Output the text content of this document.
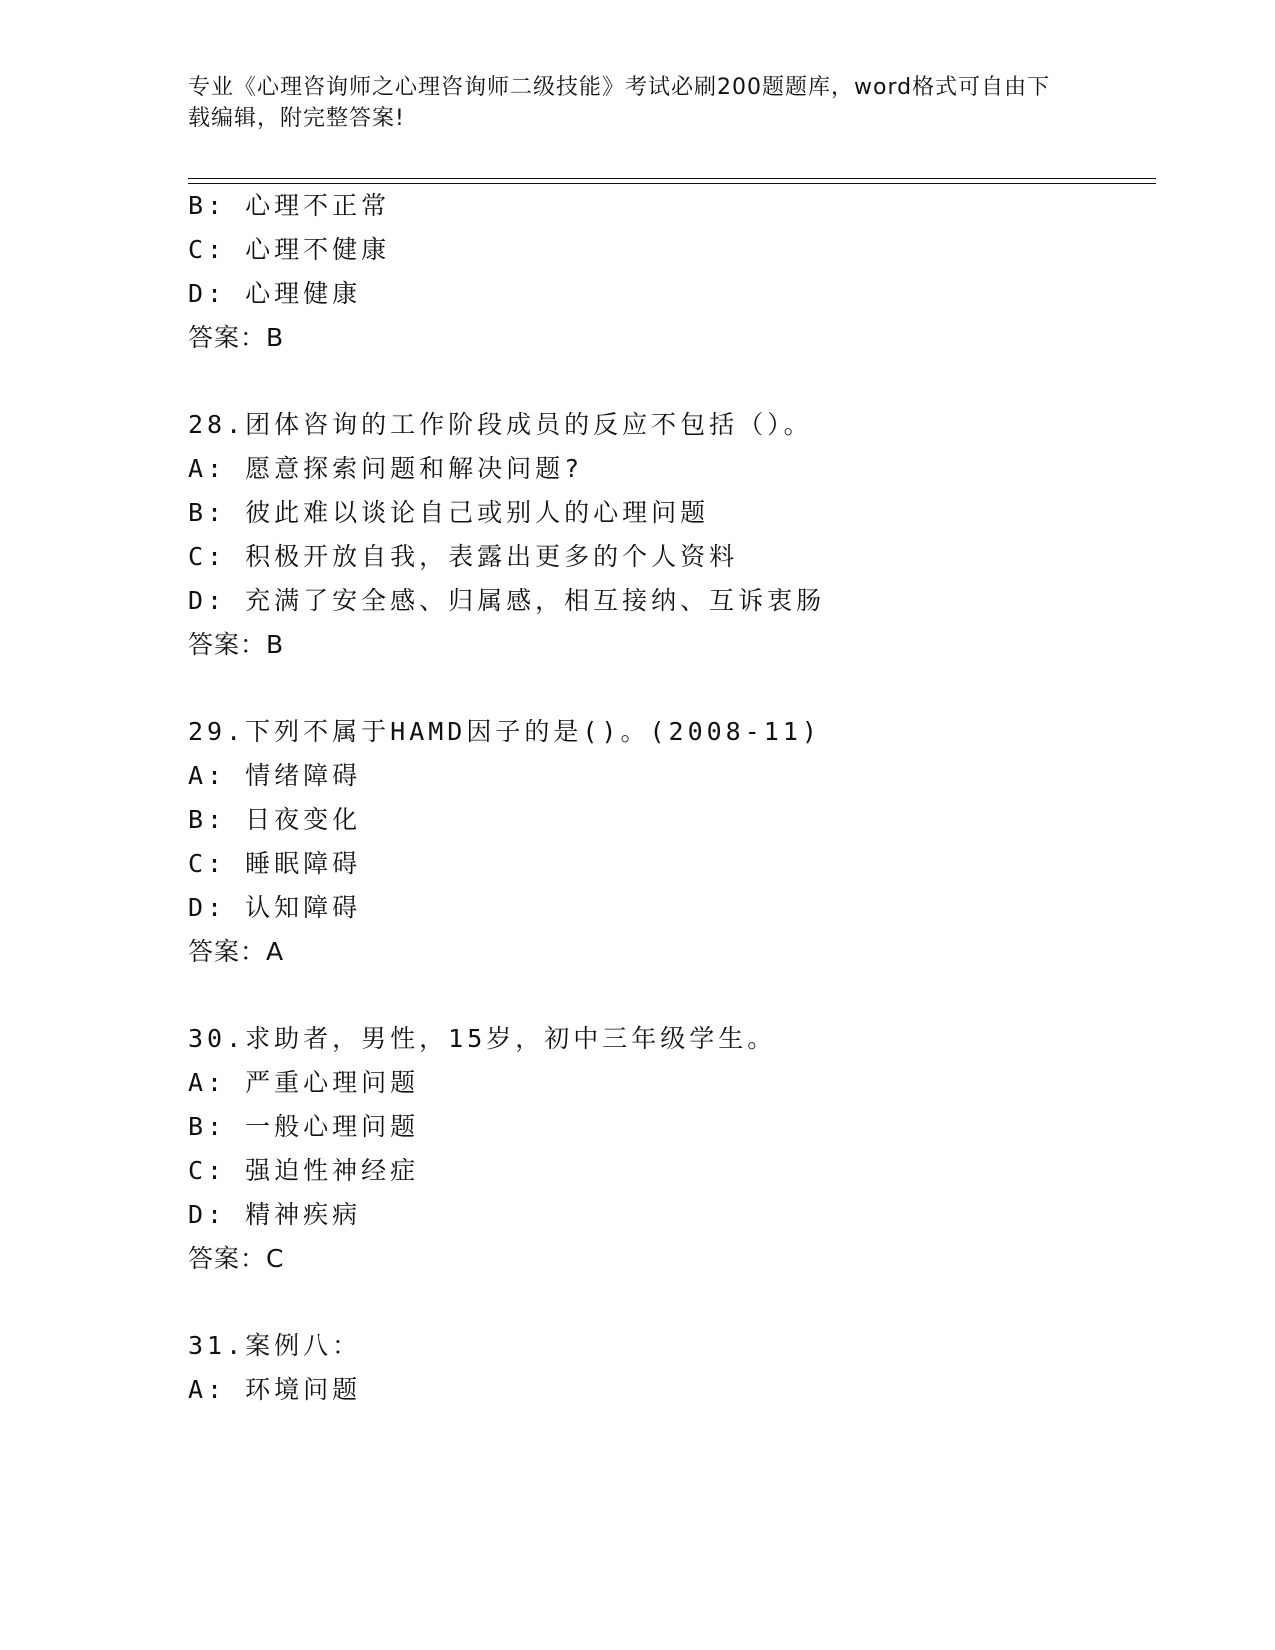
专业《心理咨询师之心理咨询师二级技能》考试必刷200题题库，word格式可自由下载编辑，附完整答案!
B: 心理不正常
C: 心理不健康
D: 心理健康
答案：B
28.团体咨询的工作阶段成员的反应不包括（）。
A: 愿意探索问题和解决问题?
B: 彼此难以谈论自己或别人的心理问题
C: 积极开放自我，表露出更多的个人资料
D: 充满了安全感、归属感，相互接纳、互诉衷肠
答案：B
29.下列不属于HAMD因子的是()。(2008-11)
A: 情绪障碍
B: 日夜变化
C: 睡眠障碍
D: 认知障碍
答案：A
30.求助者，男性，15岁，初中三年级学生。
A: 严重心理问题
B: 一般心理问题
C: 强迫性神经症
D: 精神疾病
答案：C
31.案例八：
A: 环境问题
